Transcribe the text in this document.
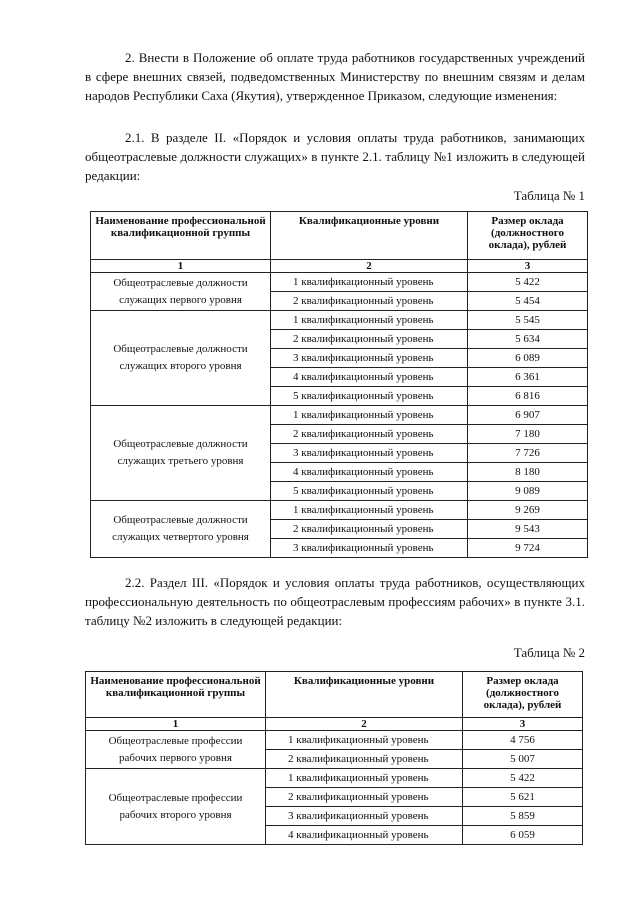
2. Внести в Положение об оплате труда работников государственных учреждений в сфере внешних связей, подведомственных Министерству по внешним связям и делам народов Республики Саха (Якутия), утвержденное Приказом, следующие изменения:

2.1. В разделе II. «Порядок и условия оплаты труда работников, занимающих общеотраслевые должности служащих» в пункте 2.1. таблицу №1 изложить в следующей редакции:

Таблица № 1
Наименование профессиональной квалификационной группы	Квалификационные уровни	Размер оклада (должностного оклада), рублей
1	2	3
Общеотраслевые должности служащих первого уровня	1 квалификационный уровень	5 422
	2 квалификационный уровень	5 454
Общеотраслевые должности служащих второго уровня	1 квалификационный уровень	5 545
	2 квалификационный уровень	5 634
	3 квалификационный уровень	6 089
	4 квалификационный уровень	6 361
	5 квалификационный уровень	6 816
Общеотраслевые должности служащих третьего уровня	1 квалификационный уровень	6 907
	2 квалификационный уровень	7 180
	3 квалификационный уровень	7 726
	4 квалификационный уровень	8 180
	5 квалификационный уровень	9 089
Общеотраслевые должности служащих четвертого уровня	1 квалификационный уровень	9 269
	2 квалификационный уровень	9 543
	3 квалификационный уровень	9 724

2.2. Раздел III. «Порядок и условия оплаты труда работников, осуществляющих профессиональную деятельность по общеотраслевым профессиям рабочих» в пункте 3.1. таблицу №2 изложить в следующей редакции:

Таблица № 2
Наименование профессиональной квалификационной группы	Квалификационные уровни	Размер оклада (должностного оклада), рублей
1	2	3
Общеотраслевые профессии рабочих первого уровня	1 квалификационный уровень	4 756
	2 квалификационный уровень	5 007
Общеотраслевые профессии рабочих второго уровня	1 квалификационный уровень	5 422
	2 квалификационный уровень	5 621
	3 квалификационный уровень	5 859
	4 квалификационный уровень	6 059
